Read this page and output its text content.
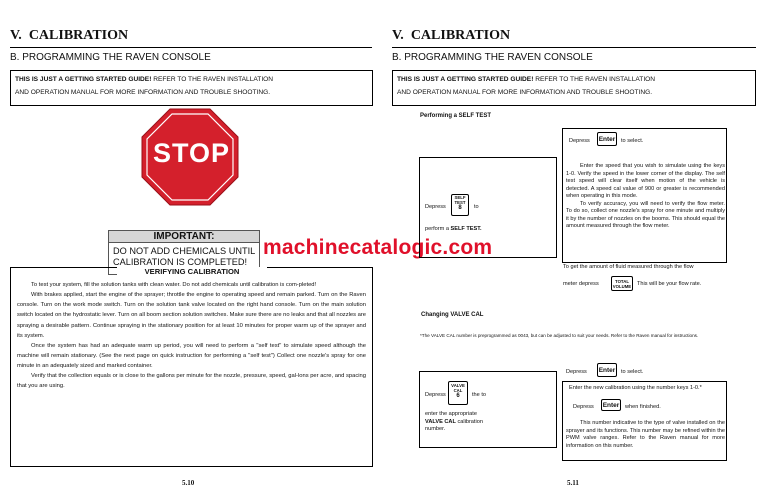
V. CALIBRATION
B. PROGRAMMING THE RAVEN CONSOLE
THIS IS JUST A GETTING STARTED GUIDE! REFER TO THE RAVEN INSTALLATION
AND OPERATION MANUAL FOR MORE INFORMATION AND TROUBLE SHOOTING.
STOP
IMPORTANT:
DO NOT ADD CHEMICALS UNTIL CALIBRATION IS COMPLETED!
machinecatalogic.com
VERIFYING CALIBRATION
To test your system, fill the solution tanks with clean water. Do not add chemicals until calibration is com-pleted!
With brakes applied, start the engine of the sprayer; throttle the engine to operating speed and remain parked. Turn on the Raven console. Turn on the work mode switch. Turn on the solution tank valve located on the right hand console. Turn on the main solution switch located on the hydrostatic lever. Turn on all boom section solution switches. Make sure there are no leaks and that all nozzles are spraying a desirable pattern. Continue spraying in the stationary position for at least 10 minutes for proper warm up of the sprayer and its system.
Once the system has had an adequate warm up period, you will need to perform a "self test" to simulate speed although the machine will remain stationary. (See the next page on quick instruction for performing a "self test") Collect one nozzle's spray for one minute in an adequately sized and marked container.
Verify that the collection equals or is close to the gallons per minute for the nozzle, pressure, speed, gal-lons per acre, and spacing that you are using.
5.10
V. CALIBRATION
B. PROGRAMMING THE RAVEN CONSOLE
THIS IS JUST A GETTING STARTED GUIDE! REFER TO THE RAVEN INSTALLATION
AND OPERATION MANUAL FOR MORE INFORMATION AND TROUBLE SHOOTING.
Performing a SELF TEST
Depress
SELF
TEST
8	to
perform a SELF TEST.
Depress Enter	to select.
Enter the speed that you wish to simulate using the keys 1-0. Verify the speed in the lower corner of the display. The self test speed will clear itself when motion of the vehicle is detected. A speed cal value of 900 or greater is recommended when operating in this mode.
To verify accuracy, you will need to verify the flow meter. To do so, collect one nozzle's spray for one minute and multiply it by the number of nozzles on the booms. This should equal the amount measured through the flow meter.
To get the amount of fluid measured through the flow
meter depress	TOTAL
VOLUME This will be your flow rate.
Changing VALVE CAL
*The VALVE CAL number is preprogrammed as 0043, but can be adjusted to suit your needs. Refer to the Raven manual for instructions.
Depress
VALVE
CAL
6	the to
enter the appropriate
VALVE CAL calibration number.
Depress Enter	to select.
Enter the new calibration using the number keys 1-0.*
Depress Enter	when finished.
This number indicative to the type of valve installed on the sprayer and its functions. This number may be refined within the PWM valve ranges. Refer to the Raven manual for more information on this number.
5.11
